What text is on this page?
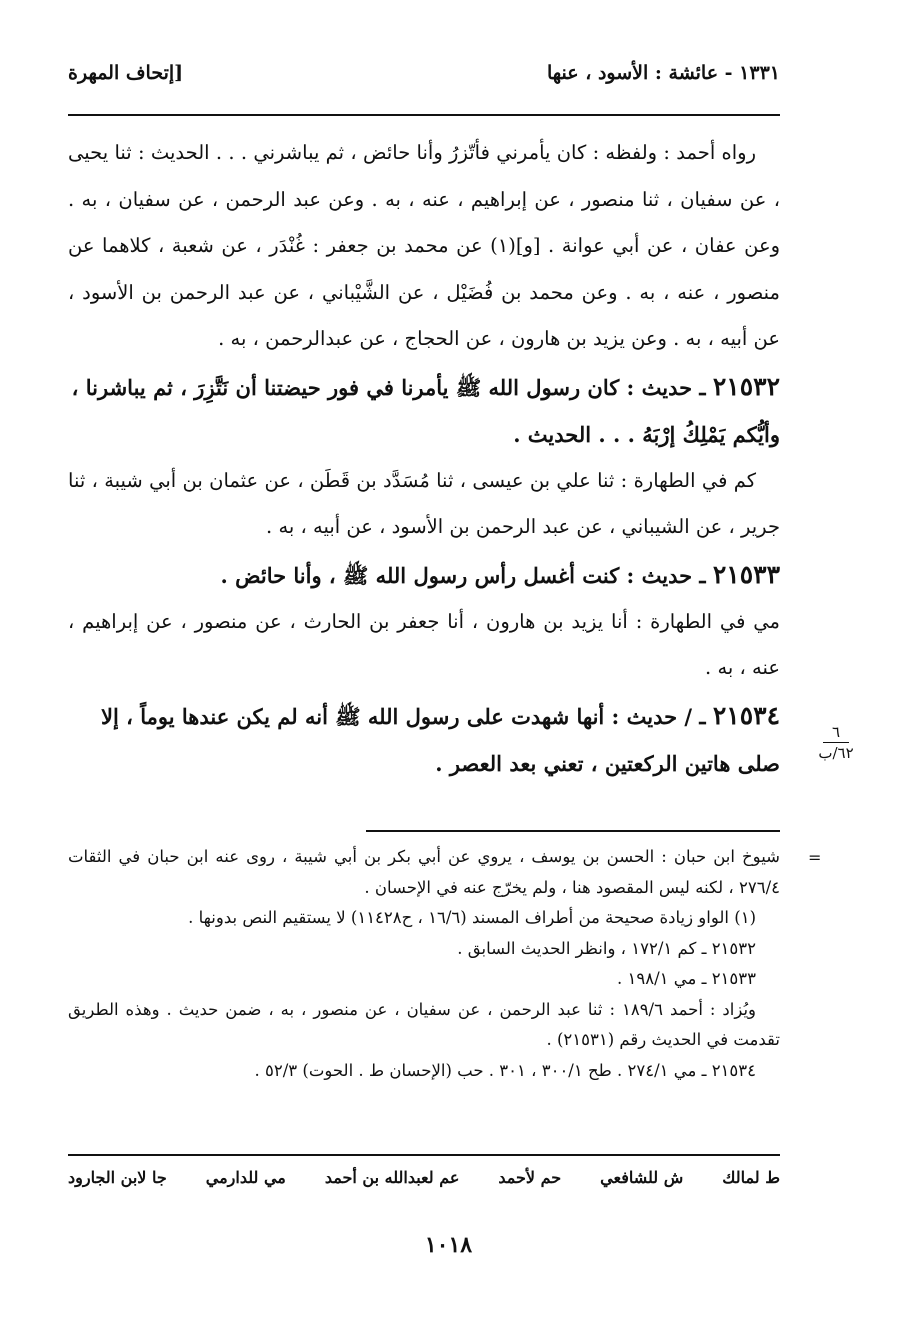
١٣٣١ - عائشة : الأسود ، عنها
[إتحاف المهرة

رواه أحمد : ولفظه : كان يأمرني فأتّزرُ وأنا حائض ، ثم يباشرني . . . الحديث : ثنا يحيى ، عن سفيان ، ثنا منصور ، عن إبراهيم ، عنه ، به . وعن عبد الرحمن ، عن سفيان ، به . وعن عفان ، عن أبي عوانة . [و](١) عن محمد بن جعفر : غُنْدَر ، عن شعبة ، كلاهما عن منصور ، عنه ، به . وعن محمد بن فُضَيْل ، عن الشَّيْباني ، عن عبد الرحمن بن الأسود ، عن أبيه ، به . وعن يزيد بن هارون ، عن الحجاج ، عن عبدالرحمن ، به .

٢١٥٣٢ ـ حديث : كان رسول الله ﷺ يأمرنا في فور حيضتنا أن نَتَّزِرَ ، ثم يباشرنا ، وأيُّكم يَمْلِكُ إرْبَهُ . . . الحديث .

كم في الطهارة : ثنا علي بن عيسى ، ثنا مُسَدَّد بن قَطَن ، عن عثمان بن أبي شيبة ، ثنا جرير ، عن الشيباني ، عن عبد الرحمن بن الأسود ، عن أبيه ، به .

٢١٥٣٣ ـ حديث : كنت أغسل رأس رسول الله ﷺ ، وأنا حائض .

مي في الطهارة : أنا يزيد بن هارون ، أنا جعفر بن الحارث ، عن منصور ، عن إبراهيم ، عنه ، به .

٢١٥٣٤ ـ / حديث : أنها شهدت على رسول الله ﷺ أنه لم يكن عندها يوماً ، إلا صلى هاتين الركعتين ، تعني بعد العصر .

٦
٦٢/ب
=

شيوخ ابن حبان : الحسن بن يوسف ، يروي عن أبي بكر بن أبي شيبة ، روى عنه ابن حبان في الثقات ٢٧٦/٤ ، لكنه ليس المقصود هنا ، ولم يخرّج عنه في الإحسان .

(١) الواو زيادة صحيحة من أطراف المسند (١٦/٦ ، ح١١٤٢٨) لا يستقيم النص بدونها .

٢١٥٣٢ ـ كم ١٧٢/١ ، وانظر الحديث السابق .

٢١٥٣٣ ـ مي ١٩٨/١ .

ويُزاد : أحمد ١٨٩/٦ : ثنا عبد الرحمن ، عن سفيان ، عن منصور ، به ، ضمن حديث . وهذه الطريق تقدمت في الحديث رقم (٢١٥٣١) .

٢١٥٣٤ ـ مي ٢٧٤/١ . طح ٣٠٠/١ ، ٣٠١ . حب (الإحسان ط . الحوت) ٥٢/٣ .

ط لمالك
ش للشافعي
حم لأحمد
عم لعبدالله بن أحمد
مي للدارمي
جا لابن الجارود
١٠١٨
